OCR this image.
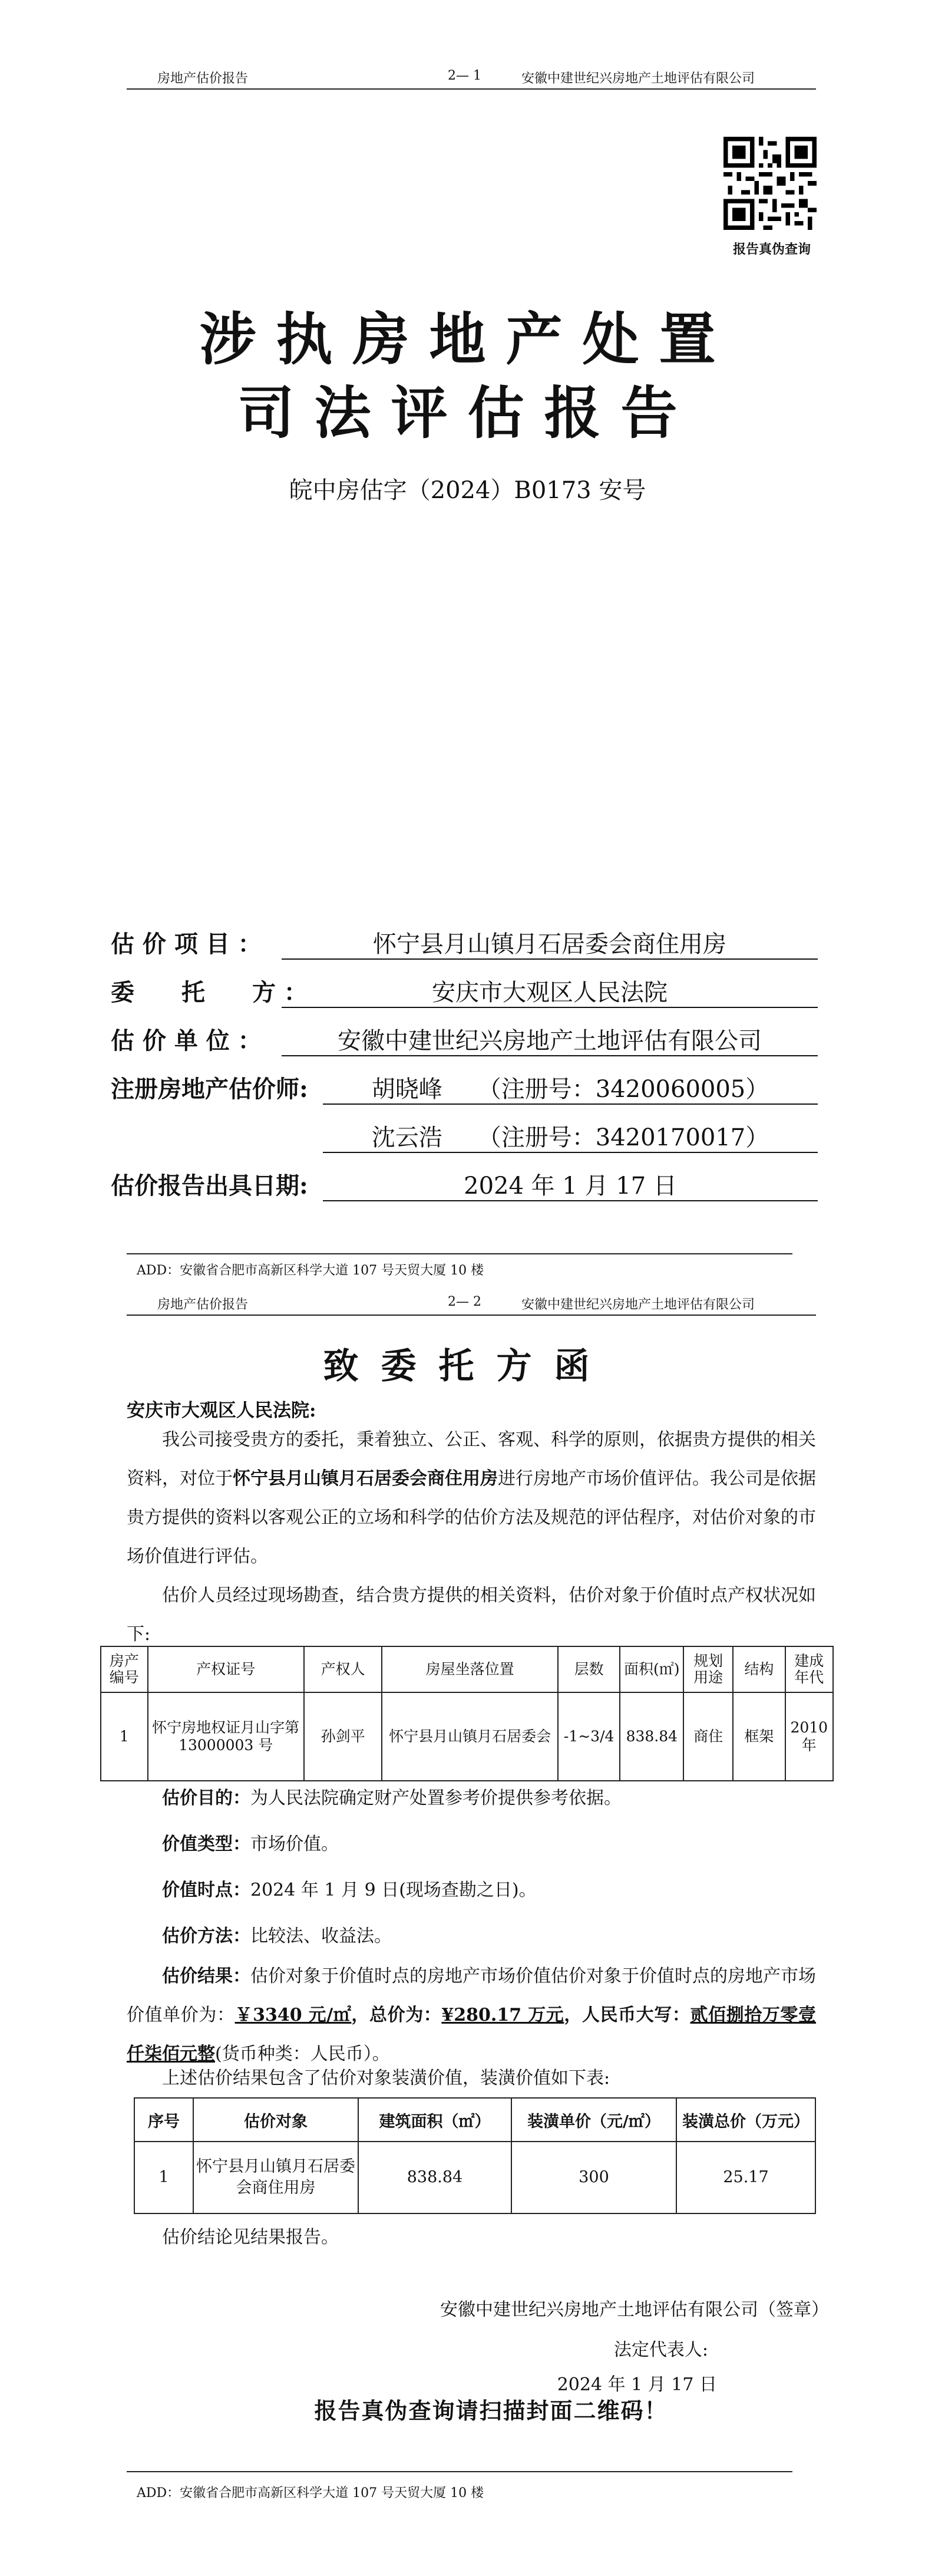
房地产估价报告	2— 1	安徽中建世纪兴房地产土地评估有限公司
报告真伪查询
涉执房地产处置
司法评估报告
皖中房估字（2024）B0173 安号
估 价 项 目 ：	怀宁县月山镇月石居委会商住用房
委　　托　　方 ：	安庆市大观区人民法院
估 价 单 位 ：	安徽中建世纪兴房地产土地评估有限公司
注册房地产估价师:	胡晓峰　　（注册号：3420060005）
沈云浩　　（注册号：3420170017）
估价报告出具日期:	2024 年 1 月 17 日
ADD：安徽省合肥市高新区科学大道 107 号天贸大厦 10 楼
房地产估价报告	2— 2	安徽中建世纪兴房地产土地评估有限公司
致委托方函
安庆市大观区人民法院:
我公司接受贵方的委托，秉着独立、公正、客观、科学的原则，依据贵方提供的相关资料，对位于怀宁县月山镇月石居委会商住用房进行房地产市场价值评估。我公司是依据贵方提供的资料以客观公正的立场和科学的估价方法及规范的评估程序，对估价对象的市场价值进行评估。
估价人员经过现场勘查，结合贵方提供的相关资料，估价对象于价值时点产权状况如下:
房产编号	产权证号	产权人	房屋坐落位置	层数	面积(㎡)	规划用途	结构	建成年代
1	怀宁房地权证月山字第 13000003 号	孙剑平	怀宁县月山镇月石居委会	-1~3/4	838.84	商住	框架	2010 年
估价目的：为人民法院确定财产处置参考价提供参考依据。
价值类型：市场价值。
价值时点：2024 年 1 月 9 日(现场查勘之日)。
估价方法：比较法、收益法。
估价结果：估价对象于价值时点的房地产市场价值估价对象于价值时点的房地产市场价值单价为：￥3340 元/㎡，总价为：¥280.17 万元，人民币大写：贰佰捌拾万零壹仟柒佰元整(货币种类：人民币）。
上述估价结果包含了估价对象装潢价值，装潢价值如下表:
序号	估价对象	建筑面积（㎡）	装潢单价（元/㎡）	装潢总价（万元）
1	怀宁县月山镇月石居委会商住用房	838.84	300	25.17
估价结论见结果报告。
安徽中建世纪兴房地产土地评估有限公司（签章）
法定代表人:
2024 年 1 月 17 日
报告真伪查询请扫描封面二维码！
ADD：安徽省合肥市高新区科学大道 107 号天贸大厦 10 楼
